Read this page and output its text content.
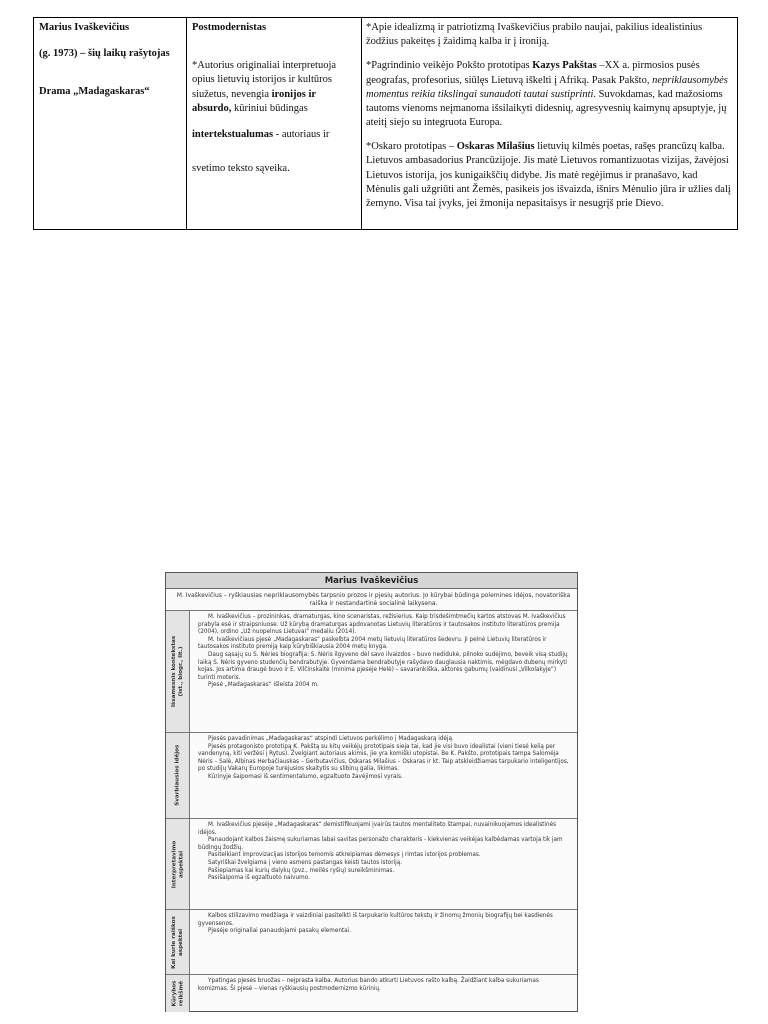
Marius Ivaškevičius
(g. 1973) – šių laikų rašytojas
Drama „Madagaskaras“
Postmodernistas
*Autorius originaliai interpretuoja opius lietuvių istorijos ir kultūros siužetus, nevengia ironijos ir absurdo, kūriniui būdingas
intertekstualumas - autoriaus ir
svetimo teksto sąveika.
*Apie idealizmą ir patriotizmą Ivaškevičius prabilo naujai, pakilius idealistinius žodžius pakeitęs į žaidimą kalba ir į ironiją.
*Pagrindinio veikėjo Pokšto prototipas Kazys Pakštas –XX a. pirmosios pusės geografas, profesorius, siūlęs Lietuvą iškelti į Afriką. Pasak Pakšto, nepriklausomybės momentus reikia tikslingai sunaudoti tautai sustiprinti. Suvokdamas, kad mažosioms tautoms vienoms neįmanoma išsilaikyti didesnių, agresyvesnių kaimynų apsuptyje, jų ateitį siejo su integruota Europa.
*Oskaro prototipas – Oskaras Milašius lietuvių kilmės poetas, rašęs prancūzų kalba. Lietuvos ambasadorius Prancūzijoje. Jis matė Lietuvos romantizuotas vizijas, žavėjosi Lietuvos istorija, jos kunigaikščių didybe. Jis matė regėjimus ir pranašavo, kad Mėnulis gali užgriūti ant Žemės, pasikeis jos išvaizda, išnirs Mėnulio jūra ir užlies dalį žemyno. Visa tai įvyks, jei žmonija nepasitaisys ir nesugrįš prie Dievo.
Marius Ivaškevičius
M. Ivaškevičius – ryškiausias nepriklausomybės tarpsnio prozos ir pjesių autorius. Jo kūrybai būdinga polemines idėjos, novatoriška raiška ir nestandartinė socialinė laikysena.
Išsamesnis kontekstas
(ist., biogr., lit.)

M. Ivaškevičius – prozininkas, dramaturgas, kino scenaristas, režisierius. Kaip trisdešimtmečių kartos atstovas M. Ivaškevičius prabyla esė ir straipsniuose. Už kūrybą dramaturgas apdovanotas Lietuvių literatūros ir tautosakos instituto literatūros premija (2004), ordino „Už nuopelnus Lietuvai“ medaliu (2014).

M. Ivaškevičiaus pjesė „Madagaskaras“ paskelbta 2004 metų lietuvių literatūros šedevru. Ji pelnė Lietuvių literatūros ir tautosakos instituto premiją kaip kūrybiškiausia 2004 metų knyga.

Daug sąsajų su S. Nėries biografija: S. Nėris ilgyvenо dėl savo ilvaizdos – buvo nedidukė, pilnoko sudėjimo, beveik visą studijų laiką S. Nėris gyveno studenčių bendrabutyje. Gyvendama bendrabutyje rašydavo dauglausia naktimis, mėgdavo dubenų mirkyti kojas. Jos artima draugė buvo ir E. Vilčinskaitė (minima pjesėje Helė) – savarankiška, aktorės gabumų (vaidinusi „Vilkolakyje“) turinti moteris.

Pjesė „Madagaskaras“ išleista 2004 m.

Svarbiausios idėjos

Pjesės pavadinimas „Madagaskaras“ atspindi Lietuvos perkėlimo į Madagaskarą idėją.

Pjesės protagonisto prototipą K. Pakštą su kitų veikėjų prototipais sieja tai, kad jie visi buvo idealistai (vieni tiesė kelią per vandenyną, kiti veržėsi į Rytus). Žvelgiant autoriaus akimis, jie yra komiški utopistai. Be K. Pakšto, prototipais tampa Salomėja Nėris – Salė, Albinas Herbačiauskas – Gerbutavičius, Oskaras Milašius – Oskaras ir kt. Taip atskleidžiamas tarpukario inteligentijos, po studijų Vakarų Europoje turėjusios skaitytis su slibinų galia, likimas.

Kūrinyje šaipomasi iš sentimentalumo, egzaltuoto žavėjimosi vyrais.

Interpretavimo
aspektai

M. Ivaškevičius pjesėje „Madagaskaras“ demistifikuojami įvairūs tautos mentaliteto štampai, nuvainikuojamos idealistinės idėjos.

Panaudojant kalbos žaismę sukuriamas labai savitas personažo charakteris - kiekvienas veikėjas kalbėdamas vartoja tik jam būdingų žodžių.

Pasitelkiant improvizacijas istorijos temomis atkreipiamas dėmesys į rimtas istorijos problemas.

Satyriškai žvelgiama į vieno asmens pastangas keisti tautos istoriją.

Pašiepiamas kai kurių dalykų (pvz., meilės ryšių) sureikšminimas.

Pasišaipoma iš egzaltuoto naivumo.

Kai kurie raiškos
aspektai

Kalbos stilizavimo medžiaga ir vaizdiniai pasitelkti iš tarpukario kultūros tekstų ir žinomų žmonių biografijų bei kasdienės gyvensenos.

Pjesėje originaliai panaudojami pasakų elementai.

Kūrybos
reikšmė	Ypatingas pjesės bruožas – neįprasta kalba. Autorius bando atkurti Lietuvos rašto kalbą. Žaidžiant kalba sukuriamas komizmas. Ši pjesė – vienas ryškiausių postmodernizmo kūrinių.
